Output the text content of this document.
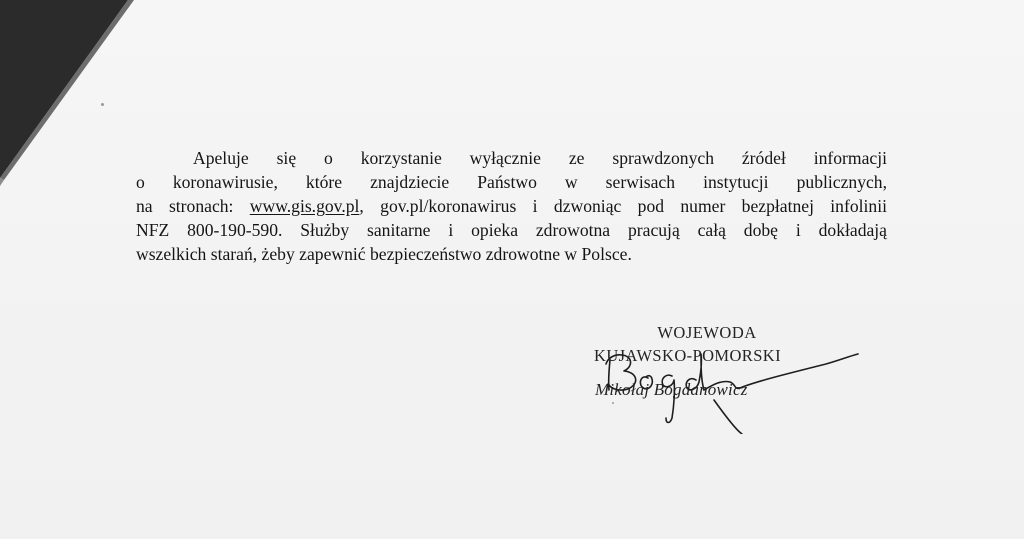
Apeluje się o korzystanie wyłącznie ze sprawdzonych źródeł informacji
o koronawirusie, które znajdziecie Państwo w serwisach instytucji publicznych,
na stronach: www.gis.gov.pl, gov.pl/koronawirus i dzwoniąc pod numer bezpłatnej infolinii
NFZ 800-190-590. Służby sanitarne i opieka zdrowotna pracują całą dobę i dokładają
wszelkich starań, żeby zapewnić bezpieczeństwo zdrowotne w Polsce.
WOJEWODA
KUJAWSKO-POMORSKI
Mikołaj Bogdanowicz
